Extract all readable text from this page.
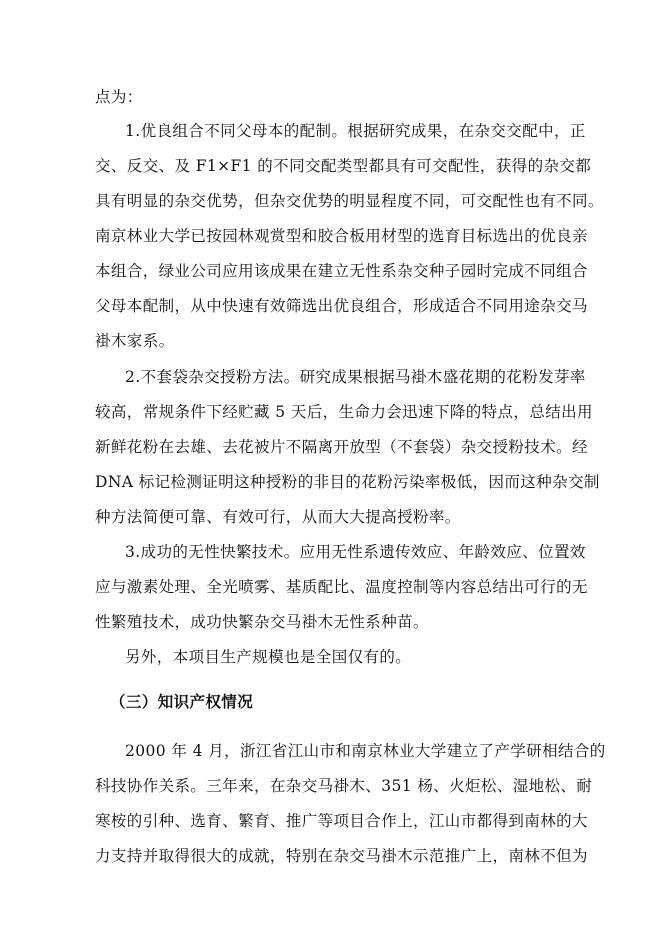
点为：
1.优良组合不同父母本的配制。根据研究成果，在杂交交配中，正
交、反交、及 F1×F1 的不同交配类型都具有可交配性，获得的杂交都
具有明显的杂交优势，但杂交优势的明显程度不同，可交配性也有不同。
南京林业大学已按园林观赏型和胶合板用材型的选育目标选出的优良亲
本组合，绿业公司应用该成果在建立无性系杂交种子园时完成不同组合
父母本配制，从中快速有效筛选出优良组合，形成适合不同用途杂交马
褂木家系。
2.不套袋杂交授粉方法。研究成果根据马褂木盛花期的花粉发芽率
较高，常规条件下经贮藏 5 天后，生命力会迅速下降的特点，总结出用
新鲜花粉在去雄、去花被片不隔离开放型（不套袋）杂交授粉技术。经
DNA 标记检测证明这种授粉的非目的花粉污染率极低，因而这种杂交制
种方法简便可靠、有效可行，从而大大提高授粉率。
3.成功的无性快繁技术。应用无性系遗传效应、年龄效应、位置效
应与激素处理、全光喷雾、基质配比、温度控制等内容总结出可行的无
性繁殖技术，成功快繁杂交马褂木无性系种苗。
另外，本项目生产规模也是全国仅有的。
（三）知识产权情况
2000 年 4 月，浙江省江山市和南京林业大学建立了产学研相结合的
科技协作关系。三年来，在杂交马褂木、351 杨、火炬松、湿地松、耐
寒桉的引种、选育、繁育、推广等项目合作上，江山市都得到南林的大
力支持并取得很大的成就，特别在杂交马褂木示范推广上，南林不但为
